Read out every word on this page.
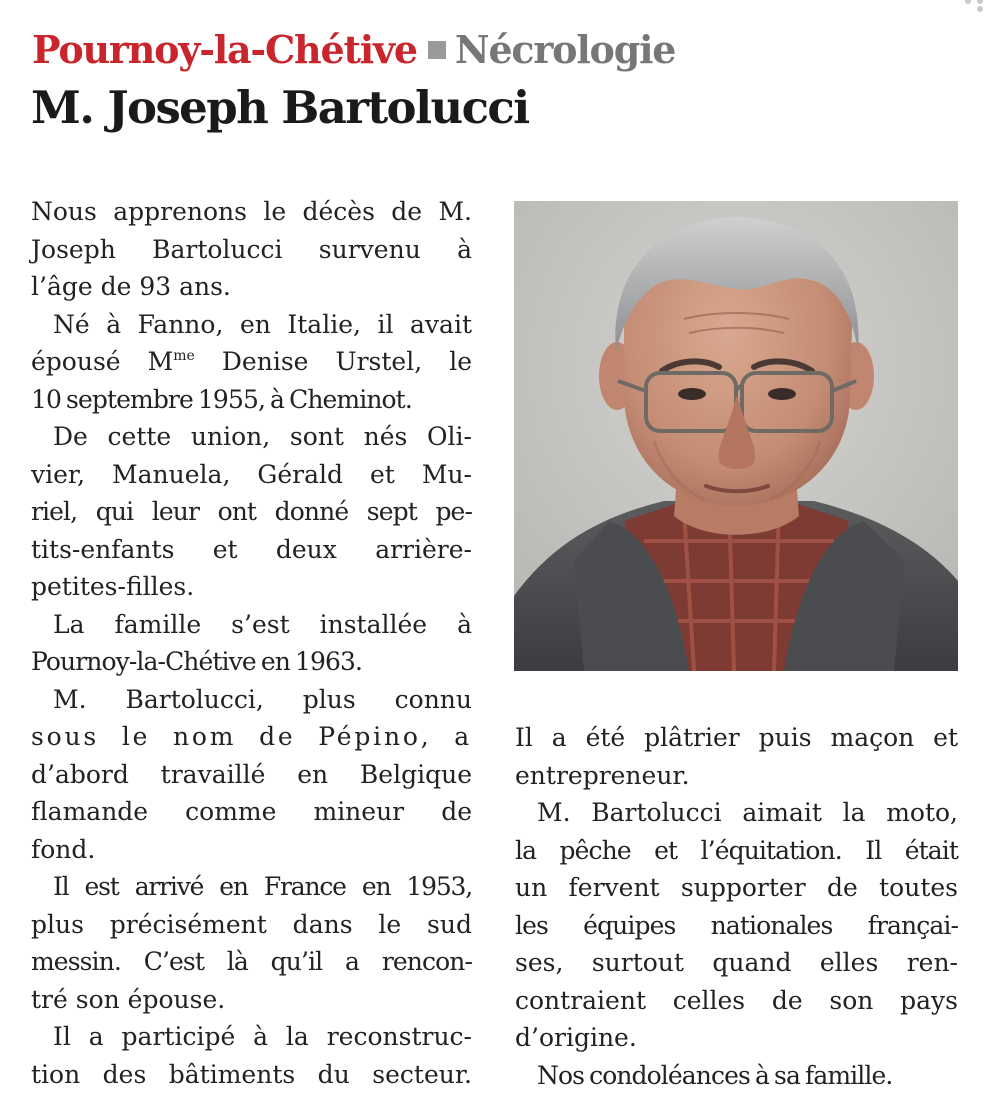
Pournoy-la-Chétive Nécrologie
M. Joseph Bartolucci

Nous apprenons le décès de M.
Joseph Bartolucci survenu à
l’âge de 93 ans.

Né à Fanno, en Italie, il avait
épousé $M^{me}$ Denise Urstel, le
10 septembre 1955, à Cheminot.

De cette union, sont nés Oli-
vier, Manuela, Gérald et Mu-
riel, qui leur ont donné sept pe-
tits-enfants et deux arrière-
petites-filles.

La famille s’est installée à
Pournoy-la-Chétive en 1963.

M. Bartolucci, plus connu
sous le nom de Pépino, a
d’abord travaillé en Belgique
flamande comme mineur de
fond.

Il est arrivé en France en 1953,
plus précisément dans le sud
messin. C’est là qu’il a rencon-
tré son épouse.

Il a participé à la reconstruc-
tion des bâtiments du secteur.

Il a été plâtrier puis maçon et
entrepreneur.

M. Bartolucci aimait la moto,
la pêche et l’équitation. Il était
un fervent supporter de toutes
les équipes nationales françai-
ses, surtout quand elles ren-
contraient celles de son pays
d’origine.

Nos condoléances à sa famille.
